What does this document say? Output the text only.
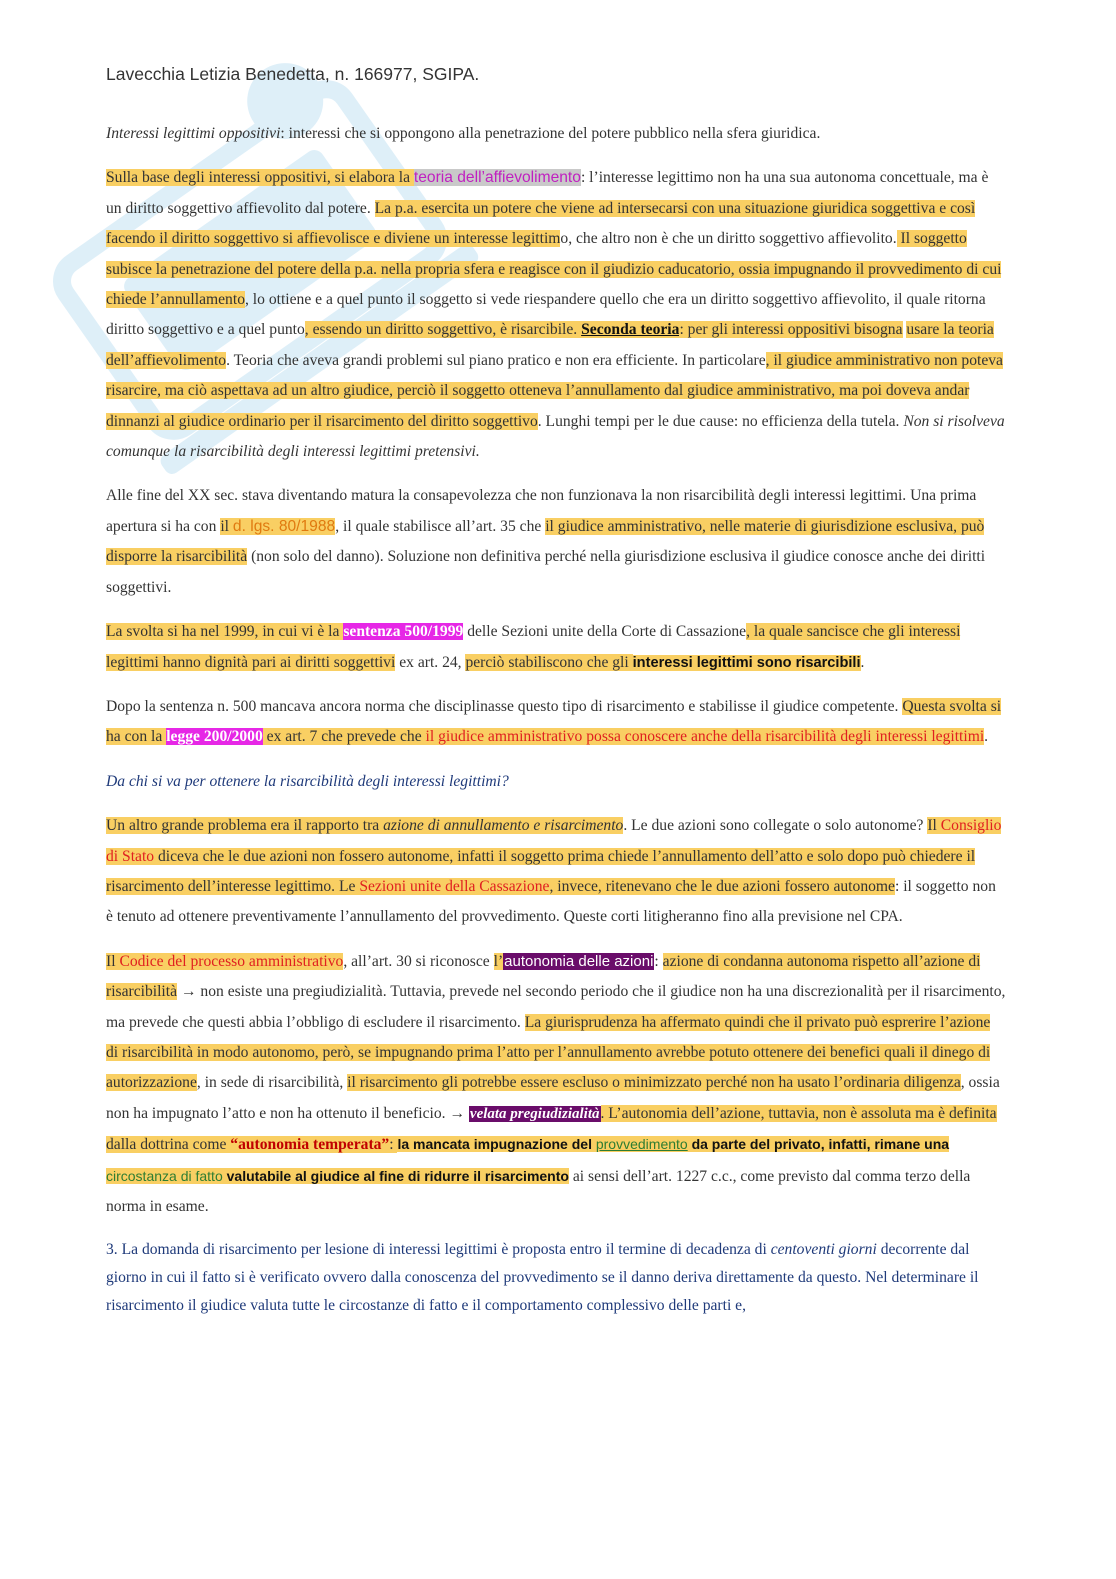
Lavecchia Letizia Benedetta, n. 166977, SGIPA.

Interessi legittimi oppositivi: interessi che si oppongono alla penetrazione del potere pubblico nella sfera giuridica.

Sulla base degli interessi oppositivi, si elabora la teoria dell’affievolimento: l’interesse legittimo non ha una sua autonoma concettuale, ma è un diritto soggettivo affievolito dal potere. La p.a. esercita un potere che viene ad intersecarsi con una situazione giuridica soggettiva e così facendo il diritto soggettivo si affievolisce e diviene un interesse legittimo, che altro non è che un diritto soggettivo affievolito. Il soggetto subisce la penetrazione del potere della p.a. nella propria sfera e reagisce con il giudizio caducatorio, ossia impugnando il provvedimento di cui chiede l’annullamento, lo ottiene e a quel punto il soggetto si vede riespandere quello che era un diritto soggettivo affievolito, il quale ritorna diritto soggettivo e a quel punto, essendo un diritto soggettivo, è risarcibile. Seconda teoria: per gli interessi oppositivi bisogna usare la teoria dell’affievolimento. Teoria che aveva grandi problemi sul piano pratico e non era efficiente. In particolare, il giudice amministrativo non poteva risarcire, ma ciò aspettava ad un altro giudice, perciò il soggetto otteneva l’annullamento dal giudice amministrativo, ma poi doveva andar dinnanzi al giudice ordinario per il risarcimento del diritto soggettivo. Lunghi tempi per le due cause: no efficienza della tutela. Non si risolveva comunque la risarcibilità degli interessi legittimi pretensivi.

Alle fine del XX sec. stava diventando matura la consapevolezza che non funzionava la non risarcibilità degli interessi legittimi. Una prima apertura si ha con il d. lgs. 80/1988, il quale stabilisce all’art. 35 che il giudice amministrativo, nelle materie di giurisdizione esclusiva, può disporre la risarcibilità (non solo del danno). Soluzione non definitiva perché nella giurisdizione esclusiva il giudice conosce anche dei diritti soggettivi.

La svolta si ha nel 1999, in cui vi è la sentenza 500/1999 delle Sezioni unite della Corte di Cassazione, la quale sancisce che gli interessi legittimi hanno dignità pari ai diritti soggettivi ex art. 24, perciò stabiliscono che gli interessi legittimi sono risarcibili.

Dopo la sentenza n. 500 mancava ancora norma che disciplinasse questo tipo di risarcimento e stabilisse il giudice competente. Questa svolta si ha con la legge 200/2000 ex art. 7 che prevede che il giudice amministrativo possa conoscere anche della risarcibilità degli interessi legittimi.

Da chi si va per ottenere la risarcibilità degli interessi legittimi?

Un altro grande problema era il rapporto tra azione di annullamento e risarcimento. Le due azioni sono collegate o solo autonome? Il Consiglio di Stato diceva che le due azioni non fossero autonome, infatti il soggetto prima chiede l’annullamento dell’atto e solo dopo può chiedere il risarcimento dell’interesse legittimo. Le Sezioni unite della Cassazione, invece, ritenevano che le due azioni fossero autonome: il soggetto non è tenuto ad ottenere preventivamente l’annullamento del provvedimento. Queste corti litigheranno fino alla previsione nel CPA.

Il Codice del processo amministrativo, all’art. 30 si riconosce l’autonomia delle azioni: azione di condanna autonoma rispetto all’azione di risarcibilità → non esiste una pregiudizialità. Tuttavia, prevede nel secondo periodo che il giudice non ha una discrezionalità per il risarcimento, ma prevede che questi abbia l’obbligo di escludere il risarcimento. La giurisprudenza ha affermato quindi che il privato può esprerire l’azione di risarcibilità in modo autonomo, però, se impugnando prima l’atto per l’annullamento avrebbe potuto ottenere dei benefici quali il dinego di autorizzazione, in sede di risarcibilità, il risarcimento gli potrebbe essere escluso o minimizzato perché non ha usato l’ordinaria diligenza, ossia non ha impugnato l’atto e non ha ottenuto il beneficio. → velata pregiudizialità. L’autonomia dell’azione, tuttavia, non è assoluta ma è definita dalla dottrina come “autonomia temperata”: la mancata impugnazione del provvedimento da parte del privato, infatti, rimane una circostanza di fatto valutabile al giudice al fine di ridurre il risarcimento ai sensi dell’art. 1227 c.c., come previsto dal comma terzo della norma in esame.

3. La domanda di risarcimento per lesione di interessi legittimi è proposta entro il termine di decadenza di centoventi giorni decorrente dal giorno in cui il fatto si è verificato ovvero dalla conoscenza del provvedimento se il danno deriva direttamente da questo. Nel determinare il risarcimento il giudice valuta tutte le circostanze di fatto e il comportamento complessivo delle parti e,
